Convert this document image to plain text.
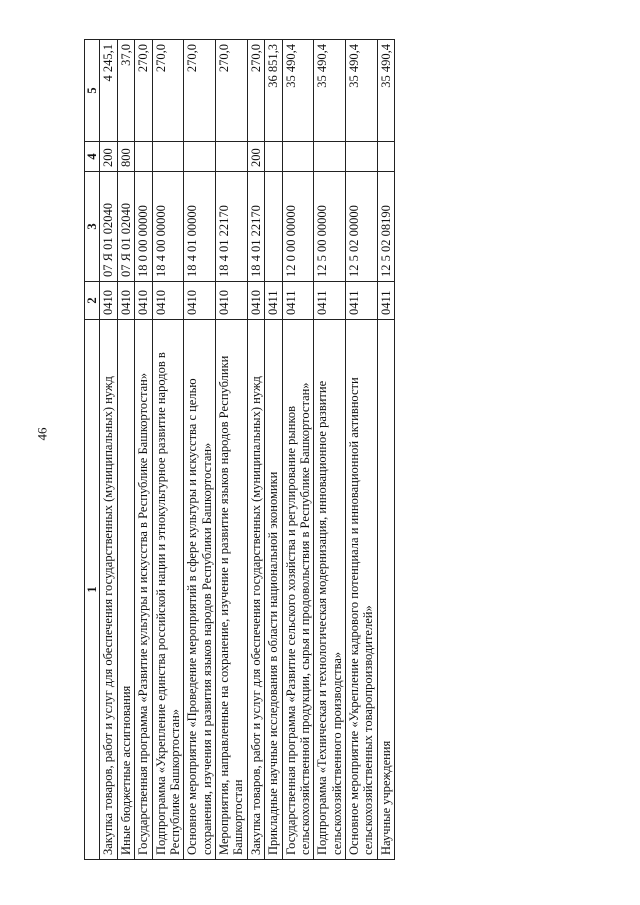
46
1	2	3	4	5
Закупка товаров, работ и услуг для обеспечения государственных (муниципальных) нужд	0410	07 Я 01 02040	200	4 245,1
Иные бюджетные ассигнования	0410	07 Я 01 02040	800	37,0
Государственная программа «Развитие культуры и искусства в Республике Башкортостан»	0410	18 0 00 00000		270,0
Подпрограмма «Укрепление единства российской нации и этнокультурное развитие народов в Республике Башкортостан»	0410	18 4 00 00000		270,0
Основное мероприятие «Проведение мероприятий в сфере культуры и искусства с целью сохранения, изучения и развития языков народов Республики Башкортостан»	0410	18 4 01 00000		270,0
Мероприятия, направленные на сохранение, изучение и развитие языков народов Республики Башкортостан	0410	18 4 01 22170		270,0
Закупка товаров, работ и услуг для обеспечения государственных (муниципальных) нужд	0410	18 4 01 22170	200	270,0
Прикладные научные исследования в области национальной экономики	0411			36 851,3
Государственная программа «Развитие сельского хозяйства и регулирование рынков сельскохозяйственной продукции, сырья и продовольствия в Республике Башкортостан»	0411	12 0 00 00000		35 490,4
Подпрограмма «Техническая и технологическая модернизация, инновационное развитие сельскохозяйственного производства»	0411	12 5 00 00000		35 490,4
Основное мероприятие «Укрепление кадрового потенциала и инновационной активности сельскохозяйственных товаропроизводителей»	0411	12 5 02 00000		35 490,4
Научные учреждения	0411	12 5 02 08190		35 490,4
